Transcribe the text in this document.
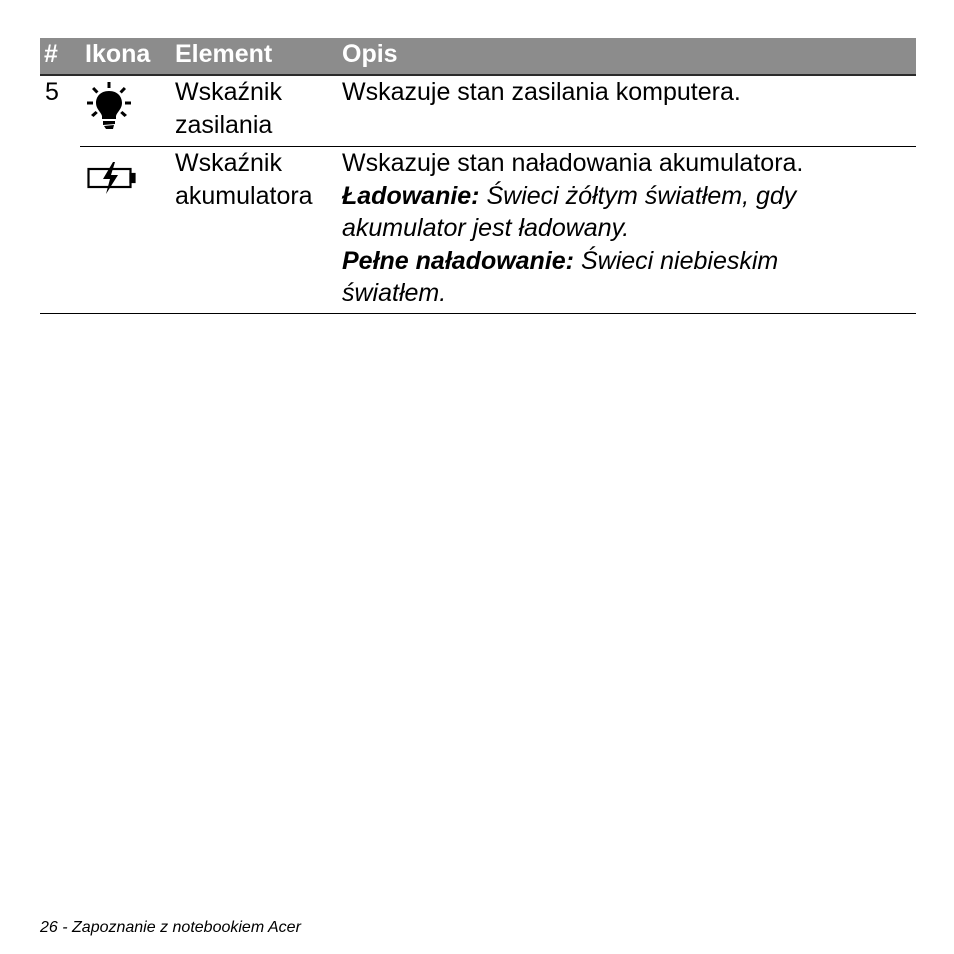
# Ikona Element	Opis
5	Wskaźnik
zasilania
Wskazuje stan zasilania komputera.
Wskaźnik
akumulatora
Wskazuje stan naładowania akumulatora.
Ładowanie: Świeci żółtym światłem, gdy
akumulator jest ładowany.
Pełne naładowanie: Świeci niebieskim
światłem.
26 - Zapoznanie z notebookiem Acer
